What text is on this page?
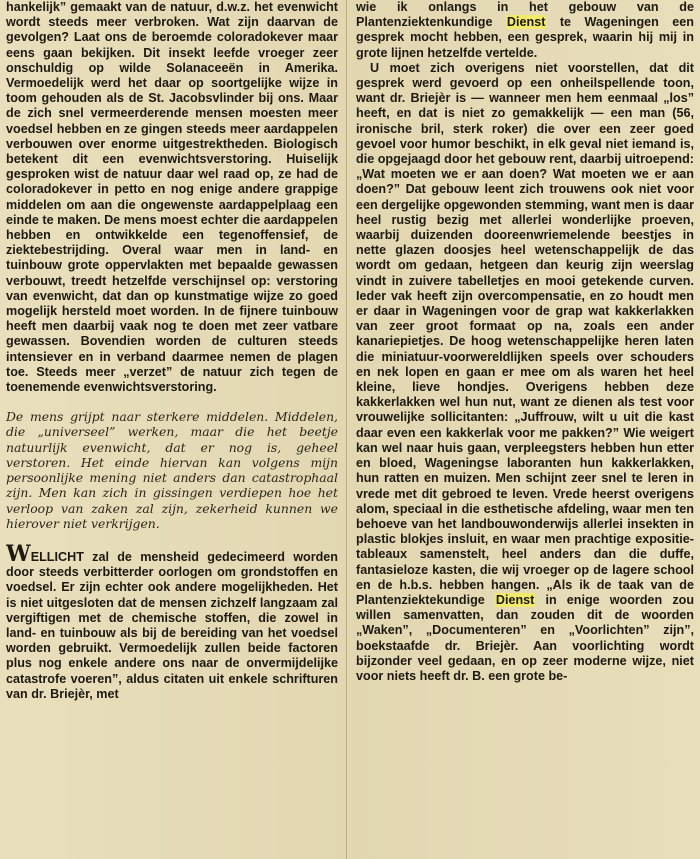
hankelijk” gemaakt van de natuur, d.w.z. het evenwicht wordt steeds meer verbroken. Wat zijn daarvan de gevolgen? Laat ons de beroemde coloradokever maar eens gaan bekijken. Dit insekt leefde vroeger zeer onschuldig op wilde Solanaceeën in Amerika. Vermoedelijk werd het daar op soortgelijke wijze in toom gehouden als de St. Jacobsvlinder bij ons. Maar de zich snel vermeerderende mensen moesten meer voedsel hebben en ze gingen steeds meer aardappelen verbouwen over enorme uitgestrektheden. Biologisch betekent dit een evenwichtsverstoring. Huiselijk gesproken wist de natuur daar wel raad op, ze had de coloradokever in petto en nog enige andere grappige middelen om aan die ongewenste aardappelplaag een einde te maken. De mens moest echter die aardappelen hebben en ontwikkelde een tegenoffensief, de ziektebestrijding. Overal waar men in land- en tuinbouw grote oppervlakten met bepaalde gewassen verbouwt, treedt hetzelfde verschijnsel op: verstoring van evenwicht, dat dan op kunstmatige wijze zo goed mogelijk hersteld moet worden. In de fijnere tuinbouw heeft men daarbij vaak nog te doen met zeer vatbare gewassen. Bovendien worden de culturen steeds intensiever en in verband daarmee nemen de plagen toe. Steeds meer „verzet” de natuur zich tegen de toenemende evenwichtsverstoring.

De mens grijpt naar sterkere middelen. Middelen, die „universeel” werken, maar die het beetje natuurlijk evenwicht, dat er nog is, geheel verstoren. Het einde hiervan kan volgens mijn persoonlijke mening niet anders dan catastrophaal zijn. Men kan zich in gissingen verdiepen hoe het verloop van zaken zal zijn, zekerheid kunnen we hierover niet verkrijgen.

WELLICHT zal de mensheid gedecimeerd worden door steeds verbitterder oorlogen om grondstoffen en voedsel. Er zijn echter ook andere mogelijkheden. Het is niet uitgesloten dat de mensen zichzelf langzaam zal vergiftigen met de chemische stoffen, die zowel in land- en tuinbouw als bij de bereiding van het voedsel worden gebruikt. Vermoedelijk zullen beide factoren plus nog enkele andere ons naar de onvermijdelijke catastrofe voeren”, aldus citaten uit enkele schrifturen van dr. Briejèr, met

wie ik onlangs in het gebouw van de Plantenziektenkundige Dienst te Wageningen een gesprek mocht hebben, een gesprek, waarin hij mij in grote lijnen hetzelfde vertelde.

U moet zich overigens niet voorstellen, dat dit gesprek werd gevoerd op een onheilspellende toon, want dr. Briejèr is — wanneer men hem eenmaal „los” heeft, en dat is niet zo gemakkelijk — een man (56, ironische bril, sterk roker) die over een zeer goed gevoel voor humor beschikt, in elk geval niet iemand is, die opgejaagd door het gebouw rent, daarbij uitroepend: „Wat moeten we er aan doen? Wat moeten we er aan doen?” Dat gebouw leent zich trouwens ook niet voor een dergelijke opgewonden stemming, want men is daar heel rustig bezig met allerlei wonderlijke proeven, waarbij duizenden dooreenwriemelende beestjes in nette glazen doosjes heel wetenschappelijk de das wordt om gedaan, hetgeen dan keurig zijn weerslag vindt in zuivere tabelletjes en mooi getekende curven. Ieder vak heeft zijn overcompensatie, en zo houdt men er daar in Wageningen voor de grap wat kakkerlakken van zeer groot formaat op na, zoals een ander kanariepietjes. De hoog wetenschappelijke heren laten die miniatuur-voorwereldlijken speels over schouders en nek lopen en gaan er mee om als waren het heel kleine, lieve hondjes. Overigens hebben deze kakkerlakken wel hun nut, want ze dienen als test voor vrouwelijke sollicitanten: „Juffrouw, wilt u uit die kast daar even een kakkerlak voor me pakken?” Wie weigert kan wel naar huis gaan, verpleegsters hebben hun etter en bloed, Wageningse laboranten hun kakkerlakken, hun ratten en muizen. Men schijnt zeer snel te leren in vrede met dit gebroed te leven. Vrede heerst overigens alom, speciaal in die esthetische afdeling, waar men ten behoeve van het landbouwonderwijs allerlei insekten in plastic blokjes insluit, en waar men prachtige expositie-tableaux samenstelt, heel anders dan die duffe, fantasieloze kasten, die wij vroeger op de lagere school en de h.b.s. hebben hangen. „Als ik de taak van de Plantenziektekundige Dienst in enige woorden zou willen samenvatten, dan zouden dit de woorden „Waken”, „Documenteren” en „Voorlichten” zijn”, boekstaafde dr. Briejèr. Aan voorlichting wordt bijzonder veel gedaan, en op zeer moderne wijze, niet voor niets heeft dr. B. een grote be-
